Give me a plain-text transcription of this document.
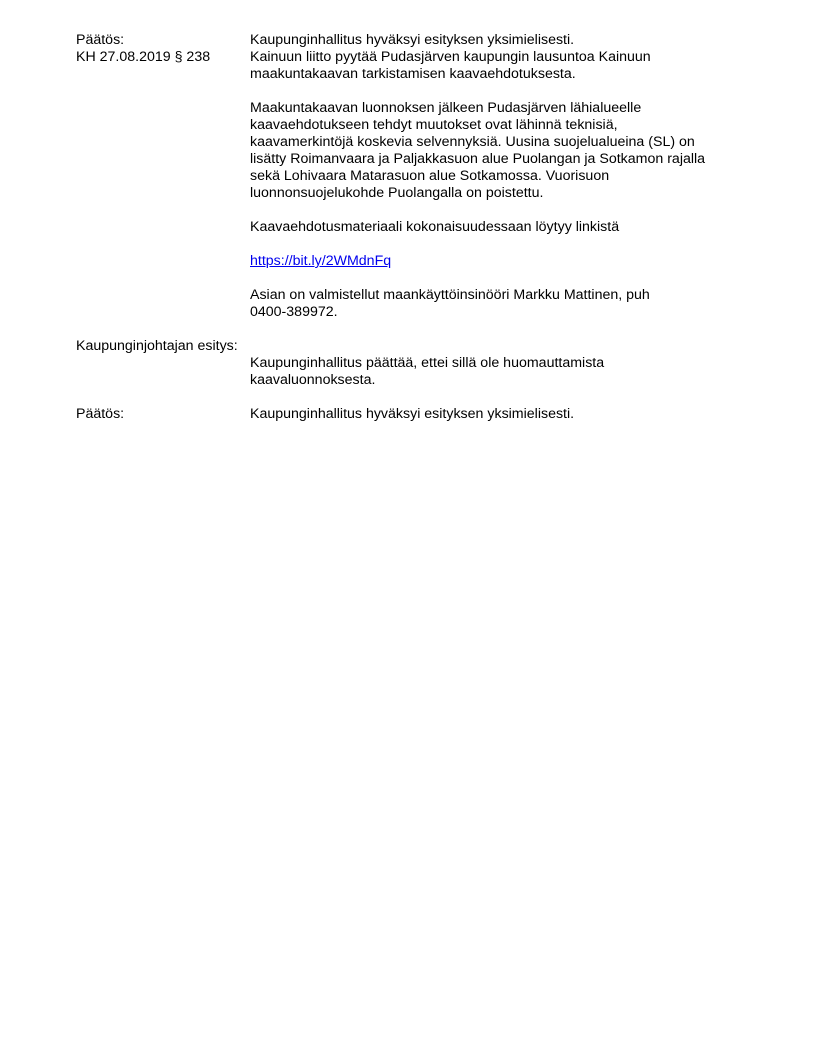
Päätös:
KH 27.08.2019 § 238
Kaupunginhallitus hyväksyi esityksen yksimielisesti.
Kainuun liitto pyytää Pudasjärven kaupungin lausuntoa Kainuun
maakuntakaavan tarkistamisen kaavaehdotuksesta.
Maakuntakaavan luonnoksen jälkeen Pudasjärven lähialueelle
kaavaehdotukseen tehdyt muutokset ovat lähinnä teknisiä,
kaavamerkintöjä koskevia selvennyksiä. Uusina suojelualueina (SL) on
lisätty Roimanvaara ja Paljakkasuon alue Puolangan ja Sotkamon rajalla
sekä Lohivaara Matarasuon alue Sotkamossa. Vuorisuon
luonnonsuojelukohde Puolangalla on poistettu.
Kaavaehdotusmateriaali kokonaisuudessaan löytyy linkistä
https://bit.ly/2WMdnFq
Asian on valmistellut maankäyttöinsinööri Markku Mattinen, puh
0400-389972.
Kaupunginjohtajan esitys:
Kaupunginhallitus päättää, ettei sillä ole huomauttamista
kaavaluonnoksesta.
Päätös:	Kaupunginhallitus hyväksyi esityksen yksimielisesti.
